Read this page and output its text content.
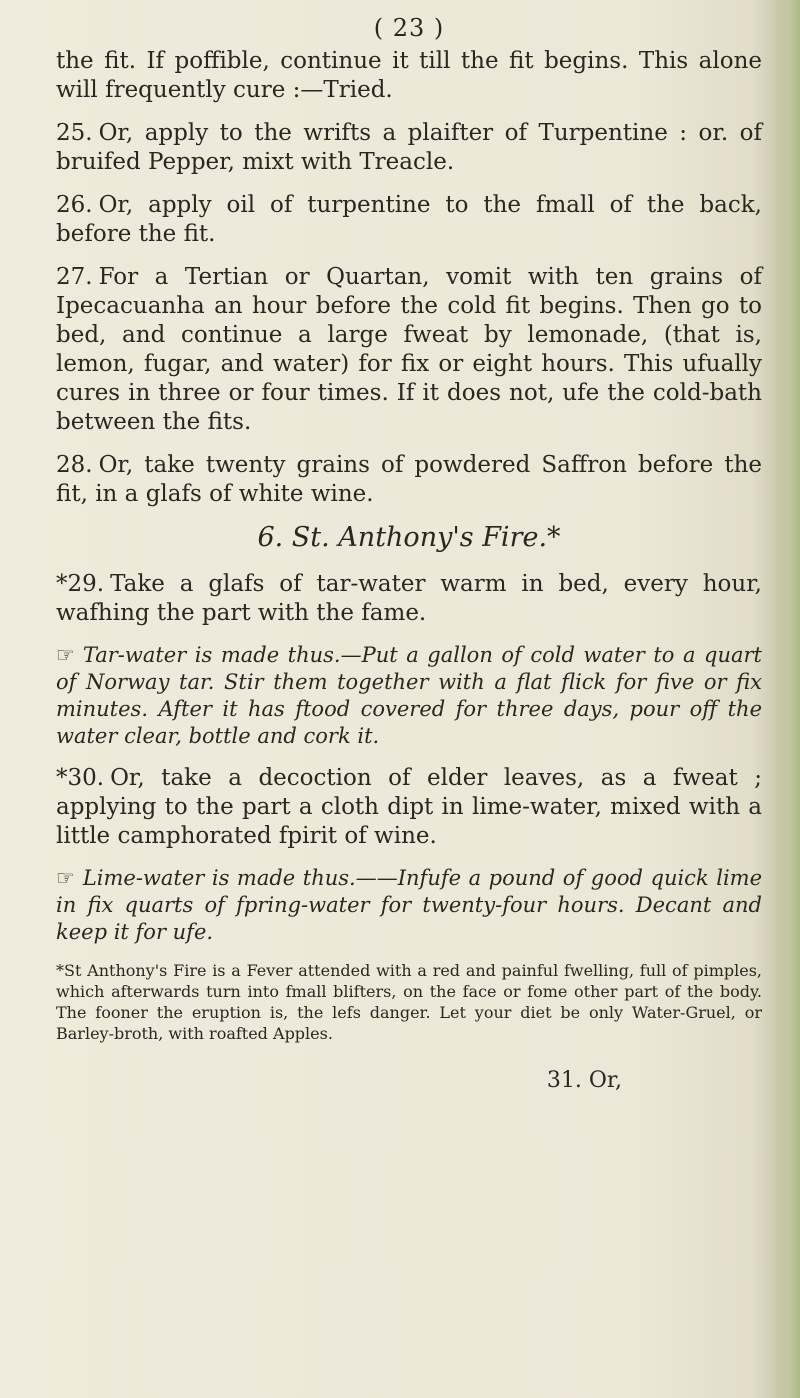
( 23 )

the fit. If poffible, continue it till the fit begins. This alone will frequently cure :—Tried.

25. Or, apply to the wrifts a plaifter of Turpentine : or. of bruifed Pepper, mixt with Treacle.

26. Or, apply oil of turpentine to the fmall of the back, before the fit.

27. For a Tertian or Quartan, vomit with ten grains of Ipecacuanha an hour before the cold fit begins. Then go to bed, and continue a large fweat by lemonade, (that is, lemon, fugar, and water) for fix or eight hours. This ufually cures in three or four times. If it does not, ufe the cold-bath between the fits.

28. Or, take twenty grains of powdered Saffron before the fit, in a glafs of white wine.

6. St. Anthony's Fire.*

*29. Take a glafs of tar-water warm in bed, every hour, wafhing the part with the fame.

☞ Tar-water is made thus.—Put a gallon of cold water to a quart of Norway tar. Stir them together with a flat flick for five or fix minutes. After it has ftood covered for three days, pour off the water clear, bottle and cork it.

*30. Or, take a decoction of elder leaves, as a fweat ; applying to the part a cloth dipt in lime-water, mixed with a little camphorated fpirit of wine.

☞ Lime-water is made thus.——Infufe a pound of good quick lime in fix quarts of fpring-water for twenty-four hours. Decant and keep it for ufe.

*St Anthony's Fire is a Fever attended with a red and painful fwelling, full of pimples, which afterwards turn into fmall blifters, on the face or fome other part of the body. The fooner the eruption is, the lefs danger. Let your diet be only Water-Gruel, or Barley-broth, with roafted Apples.

31. Or,
